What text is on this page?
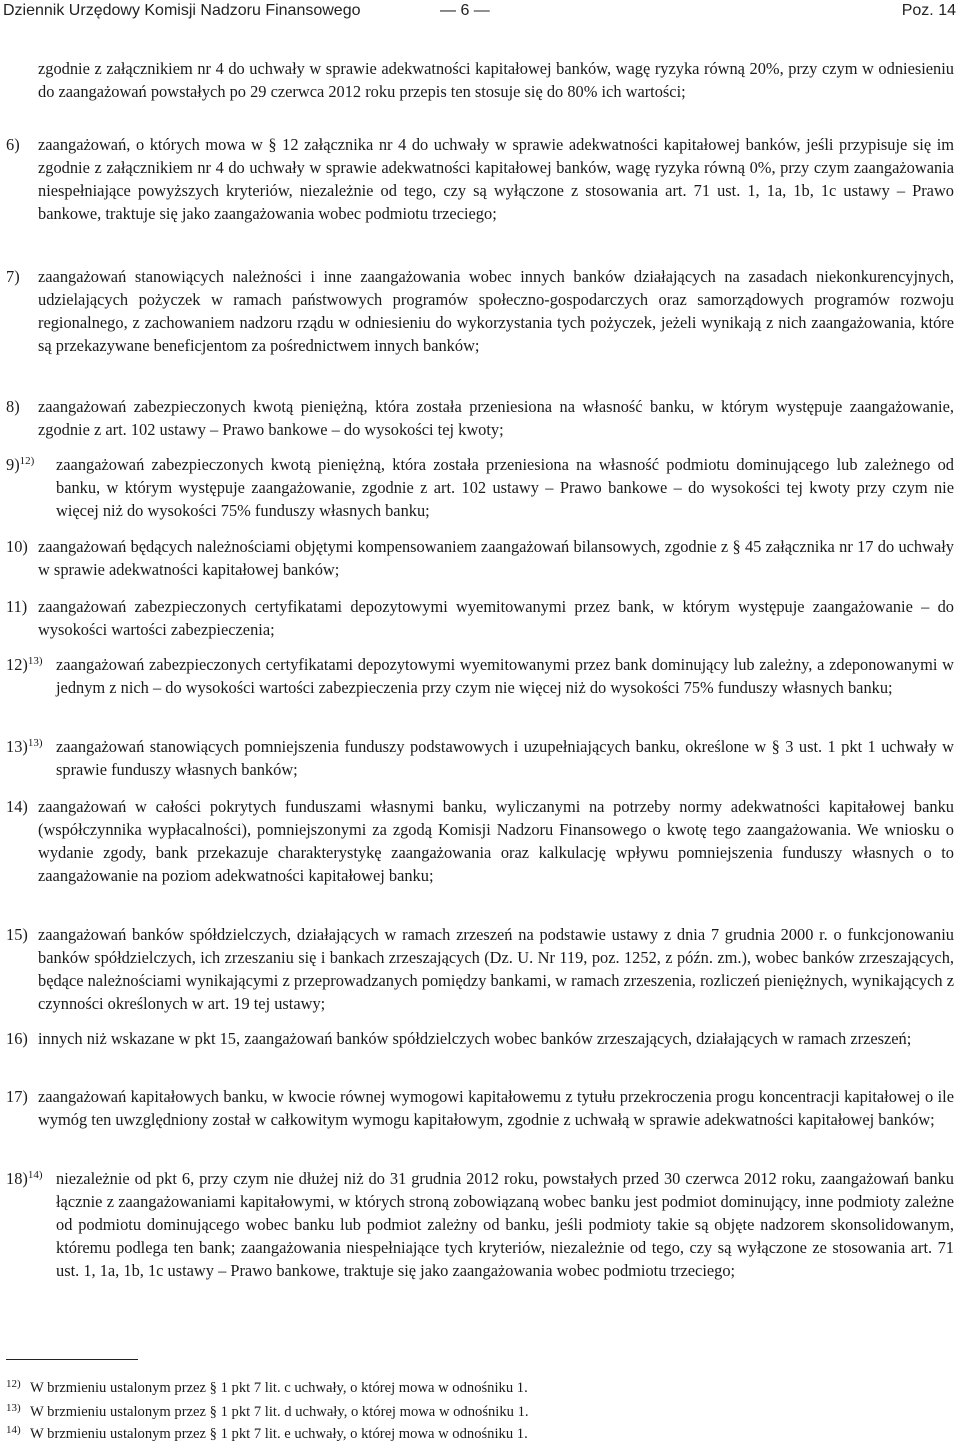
Dziennik Urzędowy Komisji Nadzoru Finansowego	— 6 —	Poz. 14
zgodnie z załącznikiem nr 4 do uchwały w sprawie adekwatności kapitałowej banków, wagę ryzyka równą 20%, przy czym w odniesieniu do zaangażowań powstałych po 29 czerwca 2012 roku przepis ten stosuje się do 80% ich wartości;
6) zaangażowań, o których mowa w § 12 załącznika nr 4 do uchwały w sprawie adekwatności kapitałowej banków, jeśli przypisuje się im zgodnie z załącznikiem nr 4 do uchwały w sprawie adekwatności kapitałowej banków, wagę ryzyka równą 0%, przy czym zaangażowania niespełniające powyższych kryteriów, niezależnie od tego, czy są wyłączone z stosowania art. 71 ust. 1, 1a, 1b, 1c ustawy – Prawo bankowe, traktuje się jako zaangażowania wobec podmiotu trzeciego;
7) zaangażowań stanowiących należności i inne zaangażowania wobec innych banków działających na zasadach niekonkurencyjnych, udzielających pożyczek w ramach państwowych programów społeczno-gospodarczych oraz samorządowych programów rozwoju regionalnego, z zachowaniem nadzoru rządu w odniesieniu do wykorzystania tych pożyczek, jeżeli wynikają z nich zaangażowania, które są przekazywane beneficjentom za pośrednictwem innych banków;
8) zaangażowań zabezpieczonych kwotą pieniężną, która została przeniesiona na własność banku, w którym występuje zaangażowanie, zgodnie z art. 102 ustawy – Prawo bankowe – do wysokości tej kwoty;
9)$^{12)}$ zaangażowań zabezpieczonych kwotą pieniężną, która została przeniesiona na własność podmiotu dominującego lub zależnego od banku, w którym występuje zaangażowanie, zgodnie z art. 102 ustawy – Prawo bankowe – do wysokości tej kwoty przy czym nie więcej niż do wysokości 75% funduszy własnych banku;
10) zaangażowań będących należnościami objętymi kompensowaniem zaangażowań bilansowych, zgodnie z § 45 załącznika nr 17 do uchwały w sprawie adekwatności kapitałowej banków;
11) zaangażowań zabezpieczonych certyfikatami depozytowymi wyemitowanymi przez bank, w którym występuje zaangażowanie – do wysokości wartości zabezpieczenia;
12)$^{13)}$ zaangażowań zabezpieczonych certyfikatami depozytowymi wyemitowanymi przez bank dominujący lub zależny, a zdeponowanymi w jednym z nich – do wysokości wartości zabezpieczenia przy czym nie więcej niż do wysokości 75% funduszy własnych banku;
13)$^{13)}$ zaangażowań stanowiących pomniejszenia funduszy podstawowych i uzupełniających banku, określone w § 3 ust. 1 pkt 1 uchwały w sprawie funduszy własnych banków;
14) zaangażowań w całości pokrytych funduszami własnymi banku, wyliczanymi na potrzeby normy adekwatności kapitałowej banku (współczynnika wypłacalności), pomniejszonymi za zgodą Komisji Nadzoru Finansowego o kwotę tego zaangażowania. We wniosku o wydanie zgody, bank przekazuje charakterystykę zaangażowania oraz kalkulację wpływu pomniejszenia funduszy własnych o to zaangażowanie na poziom adekwatności kapitałowej banku;
15) zaangażowań banków spółdzielczych, działających w ramach zrzeszeń na podstawie ustawy z dnia 7 grudnia 2000 r. o funkcjonowaniu banków spółdzielczych, ich zrzeszaniu się i bankach zrzeszających (Dz. U. Nr 119, poz. 1252, z późn. zm.), wobec banków zrzeszających, będące należnościami wynikającymi z przeprowadzanych pomiędzy bankami, w ramach zrzeszenia, rozliczeń pieniężnych, wynikających z czynności określonych w art. 19 tej ustawy;
16) innych niż wskazane w pkt 15, zaangażowań banków spółdzielczych wobec banków zrzeszających, działających w ramach zrzeszeń;
17) zaangażowań kapitałowych banku, w kwocie równej wymogowi kapitałowemu z tytułu przekroczenia progu koncentracji kapitałowej o ile wymóg ten uwzględniony został w całkowitym wymogu kapitałowym, zgodnie z uchwałą w sprawie adekwatności kapitałowej banków;
18)$^{14)}$ niezależnie od pkt 6, przy czym nie dłużej niż do 31 grudnia 2012 roku, powstałych przed 30 czerwca 2012 roku, zaangażowań banku łącznie z zaangażowaniami kapitałowymi, w których stroną zobowiązaną wobec banku jest podmiot dominujący, inne podmioty zależne od podmiotu dominującego wobec banku lub podmiot zależny od banku, jeśli podmioty takie są objęte nadzorem skonsolidowanym, któremu podlega ten bank; zaangażowania niespełniające tych kryteriów, niezależnie od tego, czy są wyłączone ze stosowania art. 71 ust. 1, 1a, 1b, 1c ustawy – Prawo bankowe, traktuje się jako zaangażowania wobec podmiotu trzeciego;
12) W brzmieniu ustalonym przez § 1 pkt 7 lit. c uchwały, o której mowa w odnośniku 1.
13) W brzmieniu ustalonym przez § 1 pkt 7 lit. d uchwały, o której mowa w odnośniku 1.
14) W brzmieniu ustalonym przez § 1 pkt 7 lit. e uchwały, o której mowa w odnośniku 1.
